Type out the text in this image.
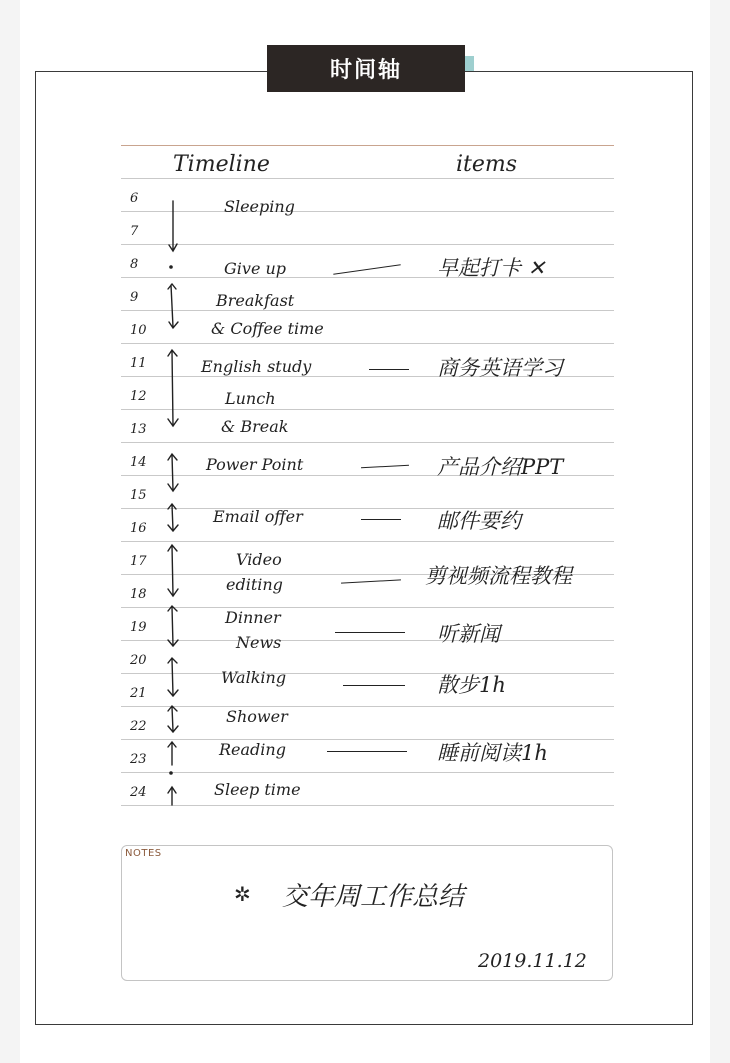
时间轴
Timeline	items
6
7
8
9
10
11
12
13
14
15
16
17
18
19
20
21
22
23
24
Sleeping
Give up
Breakfast
& Coffee time
English study
Lunch
& Break
Power Point
Email offer
Video
editing
Dinner
News
Walking
Shower
Reading
Sleep time
早起打卡 ✕
商务英语学习
产品介绍PPT
邮件要约
剪视频流程教程
听新闻
散步1h
睡前阅读1h
NOTES
✲ 交年周工作总结
2019.11.12
